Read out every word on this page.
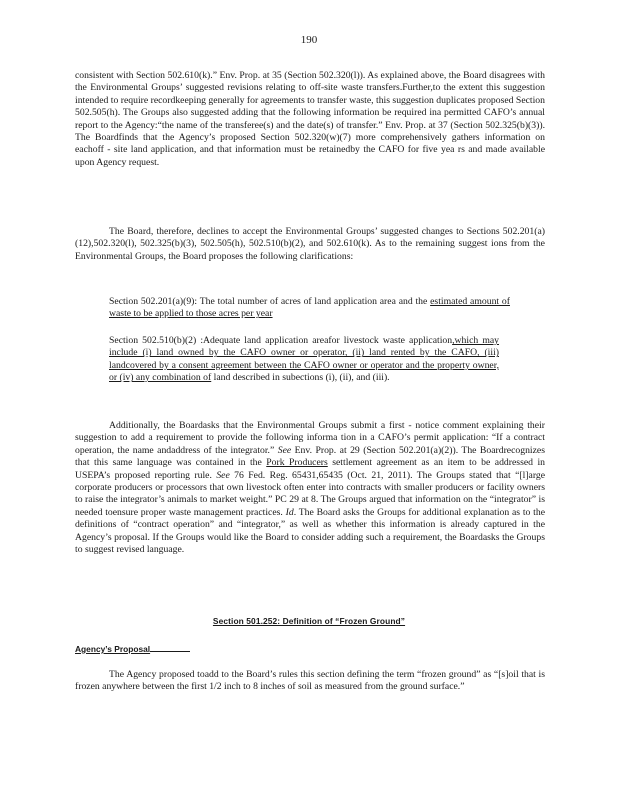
190
consistent with Section 502.610(k).” Env. Prop. at 35 (Section 502.320(l)). As explained above, the Board disagrees with the Environmental Groups’ suggested revisions relating to off-site waste transfers.Further,to the extent this suggestion intended to require recordkeeping generally for agreements to transfer waste, this suggestion duplicates proposed Section 502.505(h). The Groups also suggested adding that the following information be required ina permitted CAFO’s annual report to the Agency:“the name of the transferee(s) and the date(s) of transfer.” Env. Prop. at 37 (Section 502.325(b)(3)). The Boardfinds that the Agency’s proposed Section 502.320(w)(7) more comprehensively gathers information on eachoff - site land application, and that information must be retainedby the CAFO for five yea rs and made available upon Agency request.
The Board, therefore, declines to accept the Environmental Groups’ suggested changes to Sections 502.201(a)(12),502.320(l), 502.325(b)(3), 502.505(h), 502.510(b)(2), and 502.610(k). As to the remaining suggest ions from the Environmental Groups, the Board proposes the following clarifications:
Section 502.201(a)(9): The total number of acres of land application area and the estimated amount of waste to be applied to those acres per year
Section 502.510(b)(2) :Adequate land application areafor livestock waste application,which may include (i) land owned by the CAFO owner or operator, (ii) land rented by the CAFO, (iii) landcovered by a consent agreement between the CAFO owner or operator and the property owner, or (iv) any combination of land described in subections (i), (ii), and (iii).
Additionally, the Boardasks that the Environmental Groups submit a first - notice comment explaining their suggestion to add a requirement to provide the following informa tion in a CAFO’s permit application: “If a contract operation, the name andaddress of the integrator.” See Env. Prop. at 29 (Section 502.201(a)(2)). The Boardrecognizes that this same language was contained in the Pork Producers settlement agreement as an item to be addressed in USEPA’s proposed reporting rule. See 76 Fed. Reg. 65431,65435 (Oct. 21, 2011). The Groups stated that “[l]arge corporate producers or processors that own livestock often enter into contracts with smaller producers or facility owners to raise the integrator’s animals to market weight.” PC 29 at 8. The Groups argued that information on the “integrator” is needed toensure proper waste management practices. Id. The Board asks the Groups for additional explanation as to the definitions of “contract operation” and “integrator,” as well as whether this information is already captured in the Agency’s proposal. If the Groups would like the Board to consider adding such a requirement, the Boardasks the Groups to suggest revised language.
Section 501.252: Definition of “Frozen Ground”
Agency’s Proposal
The Agency proposed toadd to the Board’s rules this section defining the term “frozen ground” as “[s]oil that is frozen anywhere between the first 1/2 inch to 8 inches of soil as measured from the ground surface.”
